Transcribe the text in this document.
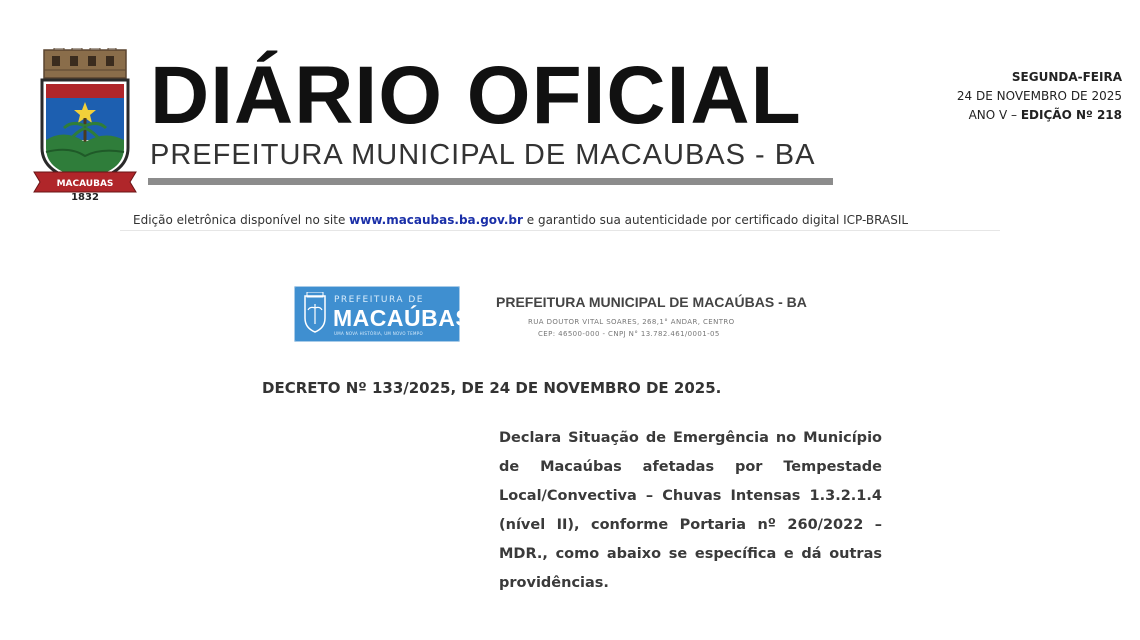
MACAUBAS
1832
DIÁRIO OFICIAL
PREFEITURA MUNICIPAL DE MACAUBAS - BA
SEGUNDA-FEIRA
24 DE NOVEMBRO DE 2025
ANO V – EDIÇÃO Nº 218
Edição eletrônica disponível no site www.macaubas.ba.gov.br e garantido sua autenticidade por certificado digital ICP-BRASIL
PREFEITURA DE
MACAÚBAS
UMA NOVA HISTÓRIA, UM NOVO TEMPO
PREFEITURA MUNICIPAL DE MACAÚBAS - BA
RUA DOUTOR VITAL SOARES, 268,1° ANDAR, CENTRO
CEP: 46500-000 - CNPJ N° 13.782.461/0001-05
DECRETO Nº 133/2025, DE 24 DE NOVEMBRO DE 2025.
Declara Situação de Emergência no Município de Macaúbas afetadas por Tempestade Local/Convectiva – Chuvas Intensas 1.3.2.1.4 (nível II), conforme Portaria nº 260/2022 – MDR., como abaixo se específica e dá outras providências.
